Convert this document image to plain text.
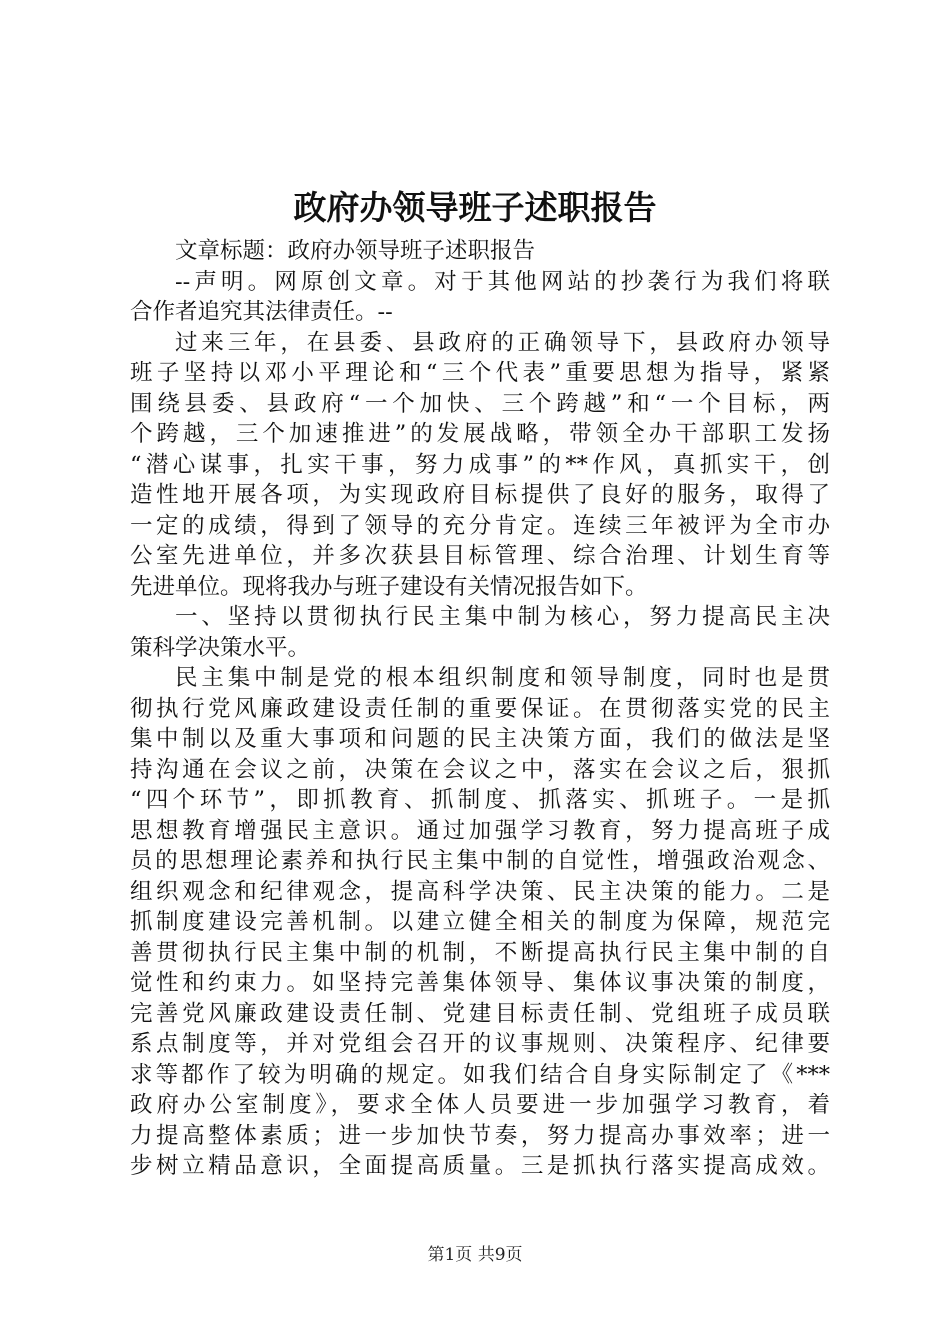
政府办领导班子述职报告
文章标题：政府办领导班子述职报告
--声明。网原创文章。对于其他网站的抄袭行为我们将联
合作者追究其法律责任。--
过来三年，在县委、县政府的正确领导下，县政府办领导
班子坚持以邓小平理论和“三个代表”重要思想为指导，紧紧
围绕县委、县政府“一个加快、三个跨越”和“一个目标，两
个跨越，三个加速推进”的发展战略，带领全办干部职工发扬
“潜心谋事，扎实干事，努力成事”的**作风，真抓实干，创
造性地开展各项，为实现政府目标提供了良好的服务，取得了
一定的成绩，得到了领导的充分肯定。连续三年被评为全市办
公室先进单位，并多次获县目标管理、综合治理、计划生育等
先进单位。现将我办与班子建设有关情况报告如下。
一、坚持以贯彻执行民主集中制为核心，努力提高民主决
策科学决策水平。
民主集中制是党的根本组织制度和领导制度，同时也是贯
彻执行党风廉政建设责任制的重要保证。在贯彻落实党的民主
集中制以及重大事项和问题的民主决策方面，我们的做法是坚
持沟通在会议之前，决策在会议之中，落实在会议之后，狠抓
“四个环节”，即抓教育、抓制度、抓落实、抓班子。一是抓
思想教育增强民主意识。通过加强学习教育，努力提高班子成
员的思想理论素养和执行民主集中制的自觉性，增强政治观念、
组织观念和纪律观念，提高科学决策、民主决策的能力。二是
抓制度建设完善机制。以建立健全相关的制度为保障，规范完
善贯彻执行民主集中制的机制，不断提高执行民主集中制的自
觉性和约束力。如坚持完善集体领导、集体议事决策的制度，
完善党风廉政建设责任制、党建目标责任制、党组班子成员联
系点制度等，并对党组会召开的议事规则、决策程序、纪律要
求等都作了较为明确的规定。如我们结合自身实际制定了《***
政府办公室制度》，要求全体人员要进一步加强学习教育，着
力提高整体素质；进一步加快节奏，努力提高办事效率；进一
步树立精品意识，全面提高质量。三是抓执行落实提高成效。
第1页 共9页
